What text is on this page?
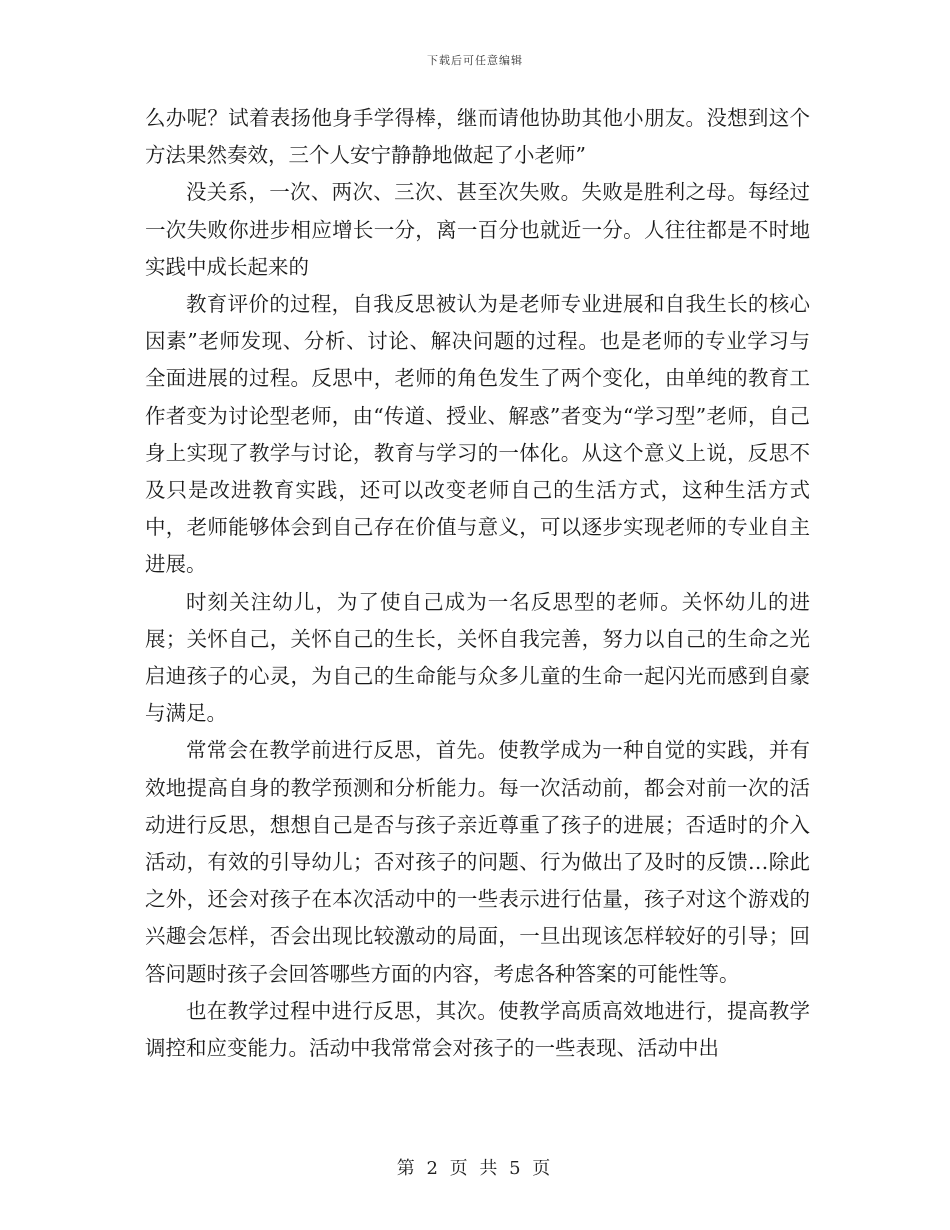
下载后可任意编辑

么办呢？试着表扬他身手学得棒，继而请他协助其他小朋友。没想到这个方法果然奏效，三个人安宁静静地做起了小老师”

没关系，一次、两次、三次、甚至次失败。失败是胜利之母。每经过一次失败你进步相应增长一分，离一百分也就近一分。人往往都是不时地实践中成长起来的

教育评价的过程，自我反思被认为是老师专业进展和自我生长的核心因素”老师发现、分析、讨论、解决问题的过程。也是老师的专业学习与全面进展的过程。反思中，老师的角色发生了两个变化，由单纯的教育工作者变为讨论型老师，由“传道、授业、解惑”者变为“学习型”老师，自己身上实现了教学与讨论，教育与学习的一体化。从这个意义上说，反思不　及只是改进教育实践，还可以改变老师自己的生活方式，这种生活方式中，老师能够体会到自己存在价值与意义，可以逐步实现老师的专业自主进展。

时刻关注幼儿，为了使自己成为一名反思型的老师。关怀幼儿的进展；关怀自己，关怀自己的生长，关怀自我完善，努力以自己的生命之光启迪孩子的心灵，为自己的生命能与众多儿童的生命一起闪光而感到自豪与满足。

常常会在教学前进行反思，首先。使教学成为一种自觉的实践，并有效地提高自身的教学预测和分析能力。每一次活动前，都会对前一次的活动进行反思，想想自己是否与孩子亲近尊重了孩子的进展；否适时的介入活动，有效的引导幼儿；否对孩子的问题、行为做出了及时的反馈…除此之外，还会对孩子在本次活动中的一些表示进行估量，孩子对这个游戏的兴趣会怎样，否会出现比较激动的局面，一旦出现该怎样较好的引导；回答问题时孩子会回答哪些方面的内容，考虑各种答案的可能性等。

也在教学过程中进行反思，其次。使教学高质高效地进行，提高教学调控和应变能力。活动中我常常会对孩子的一些表现、活动中出

第 2 页 共 5 页
